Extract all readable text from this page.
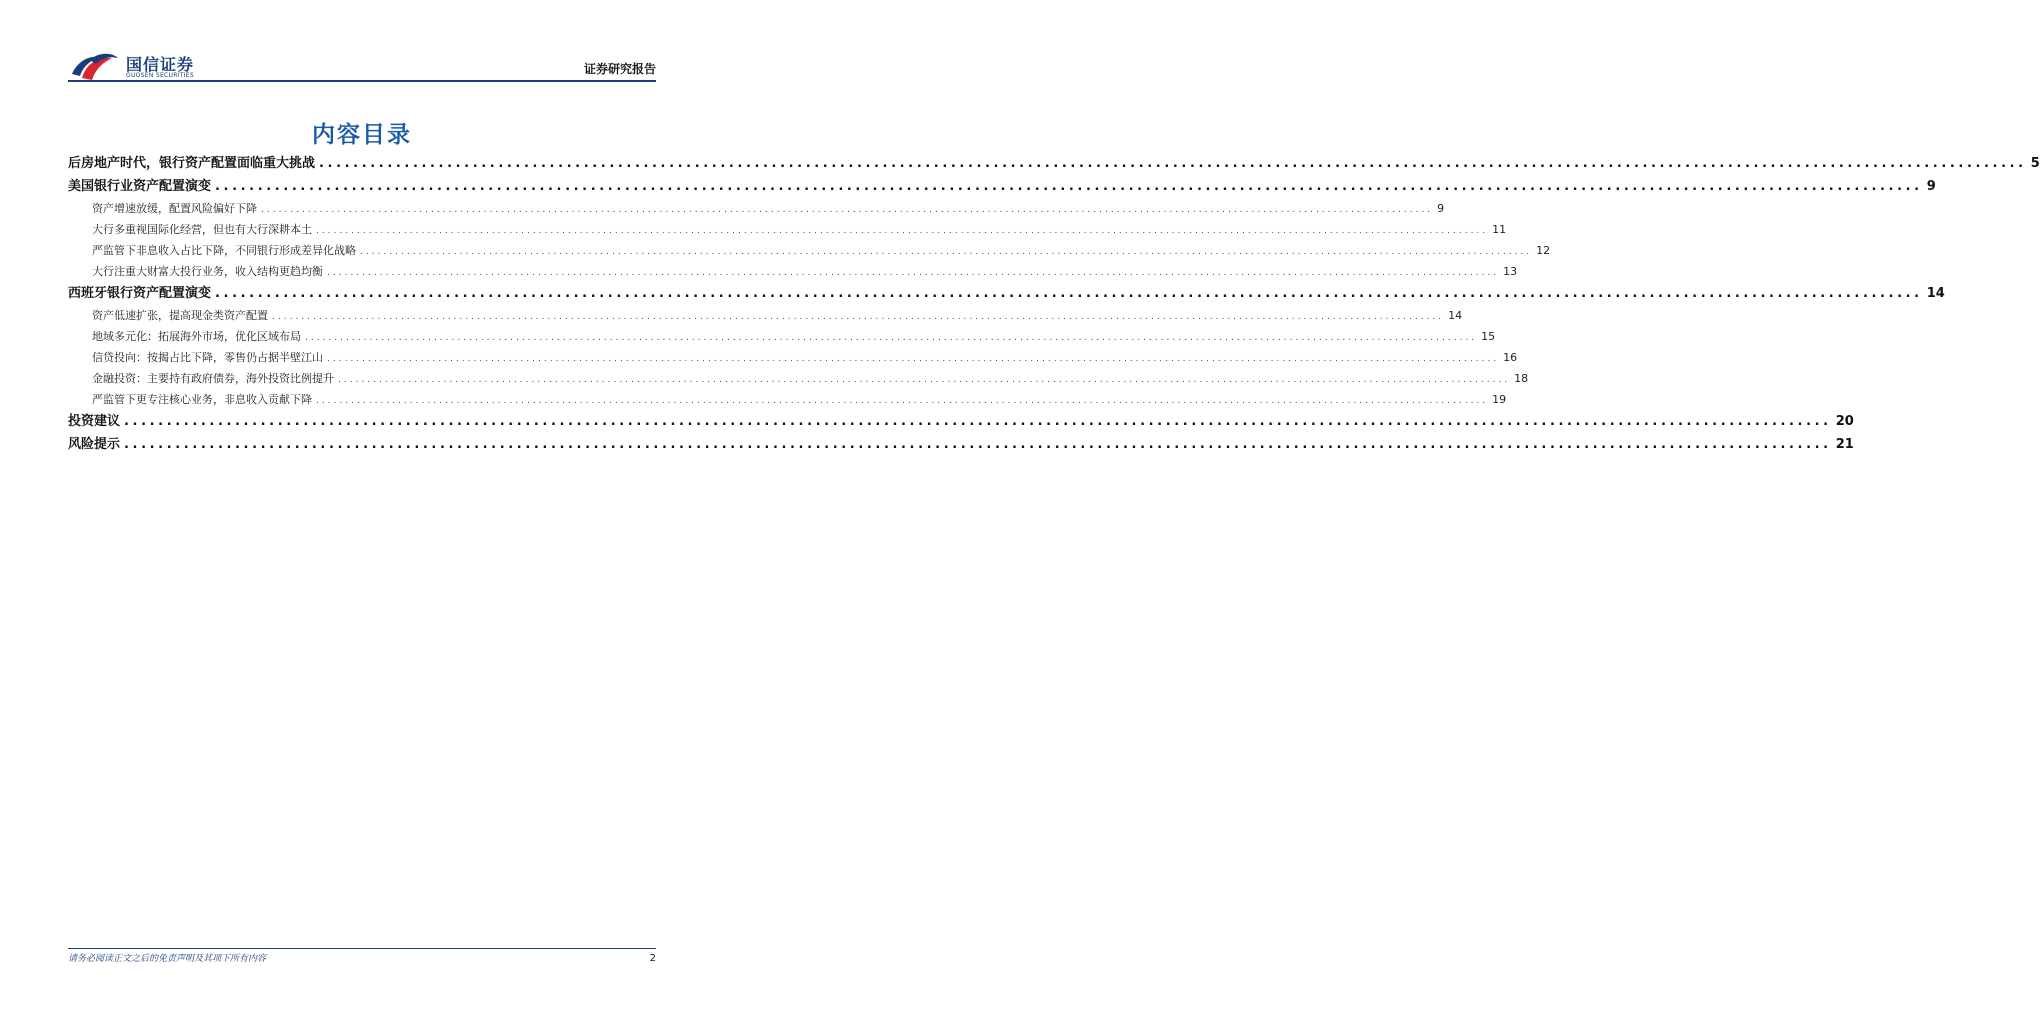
国信证券
GUOSEN SECURITIES	证券研究报告
内容目录
后房地产时代，银行资产配置面临重大挑战 ........................................................................................................................................................................................................ 5
美国银行业资产配置演变 ........................................................................................................................................................................................................ 9
资产增速放缓，配置风险偏好下降 ........................................................................................................................................................................................................ 9
大行多重视国际化经营，但也有大行深耕本土 ........................................................................................................................................................................................................ 11
严监管下非息收入占比下降，不同银行形成差异化战略 ........................................................................................................................................................................................................ 12
大行注重大财富大投行业务，收入结构更趋均衡 ........................................................................................................................................................................................................ 13
西班牙银行资产配置演变 ........................................................................................................................................................................................................ 14
资产低速扩张，提高现金类资产配置 ........................................................................................................................................................................................................ 14
地域多元化：拓展海外市场，优化区域布局 ........................................................................................................................................................................................................ 15
信贷投向：按揭占比下降，零售仍占据半壁江山 ........................................................................................................................................................................................................ 16
金融投资：主要持有政府债券，海外投资比例提升 ........................................................................................................................................................................................................ 18
严监管下更专注核心业务，非息收入贡献下降 ........................................................................................................................................................................................................ 19
投资建议 ........................................................................................................................................................................................................ 20
风险提示 ........................................................................................................................................................................................................ 21
请务必阅读正文之后的免责声明及其项下所有内容	2
